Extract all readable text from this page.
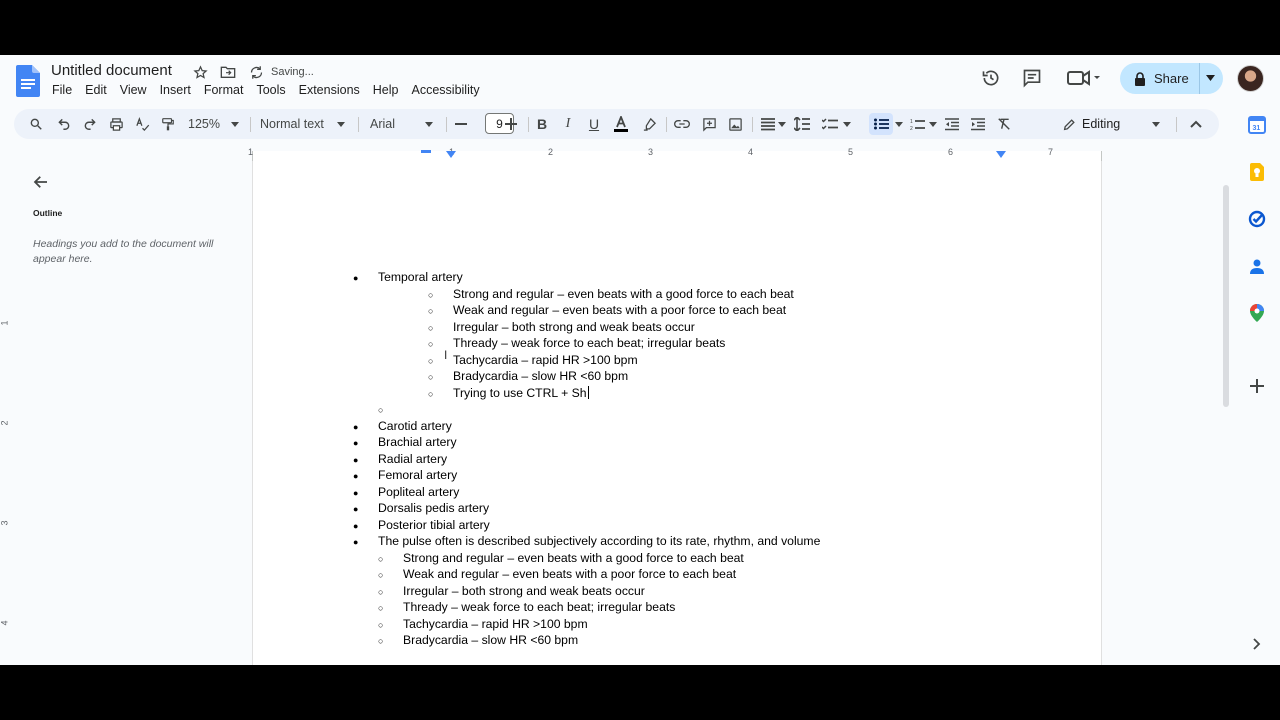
Untitled document	Saving...
File Edit View Insert Format Tools Extensions Help Accessibility
Share
125%	Normal text	Arial	9	B	I	U	1
2	Editing
1	2	3	4	5	6	7
1
2
3
4
Outline
Headings you add to the document will appear here.
● Temporal artery
○ Strong and regular – even beats with a good force to each beat
○ Weak and regular – even beats with a poor force to each beat
○ Irregular – both strong and weak beats occur
○ Thready – weak force to each beat; irregular beats
○ Tachycardia – rapid HR >100 bpm
○ Bradycardia – slow HR <60 bpm
○ Trying to use CTRL + Sh
○
● Carotid artery
● Brachial artery
● Radial artery
● Femoral artery
● Popliteal artery
● Dorsalis pedis artery
● Posterior tibial artery
● The pulse often is described subjectively according to its rate, rhythm, and volume
○ Strong and regular – even beats with a good force to each beat
○ Weak and regular – even beats with a poor force to each beat
○ Irregular – both strong and weak beats occur
○ Thready – weak force to each beat; irregular beats
○ Tachycardia – rapid HR >100 bpm
○ Bradycardia – slow HR <60 bpm
I
31
